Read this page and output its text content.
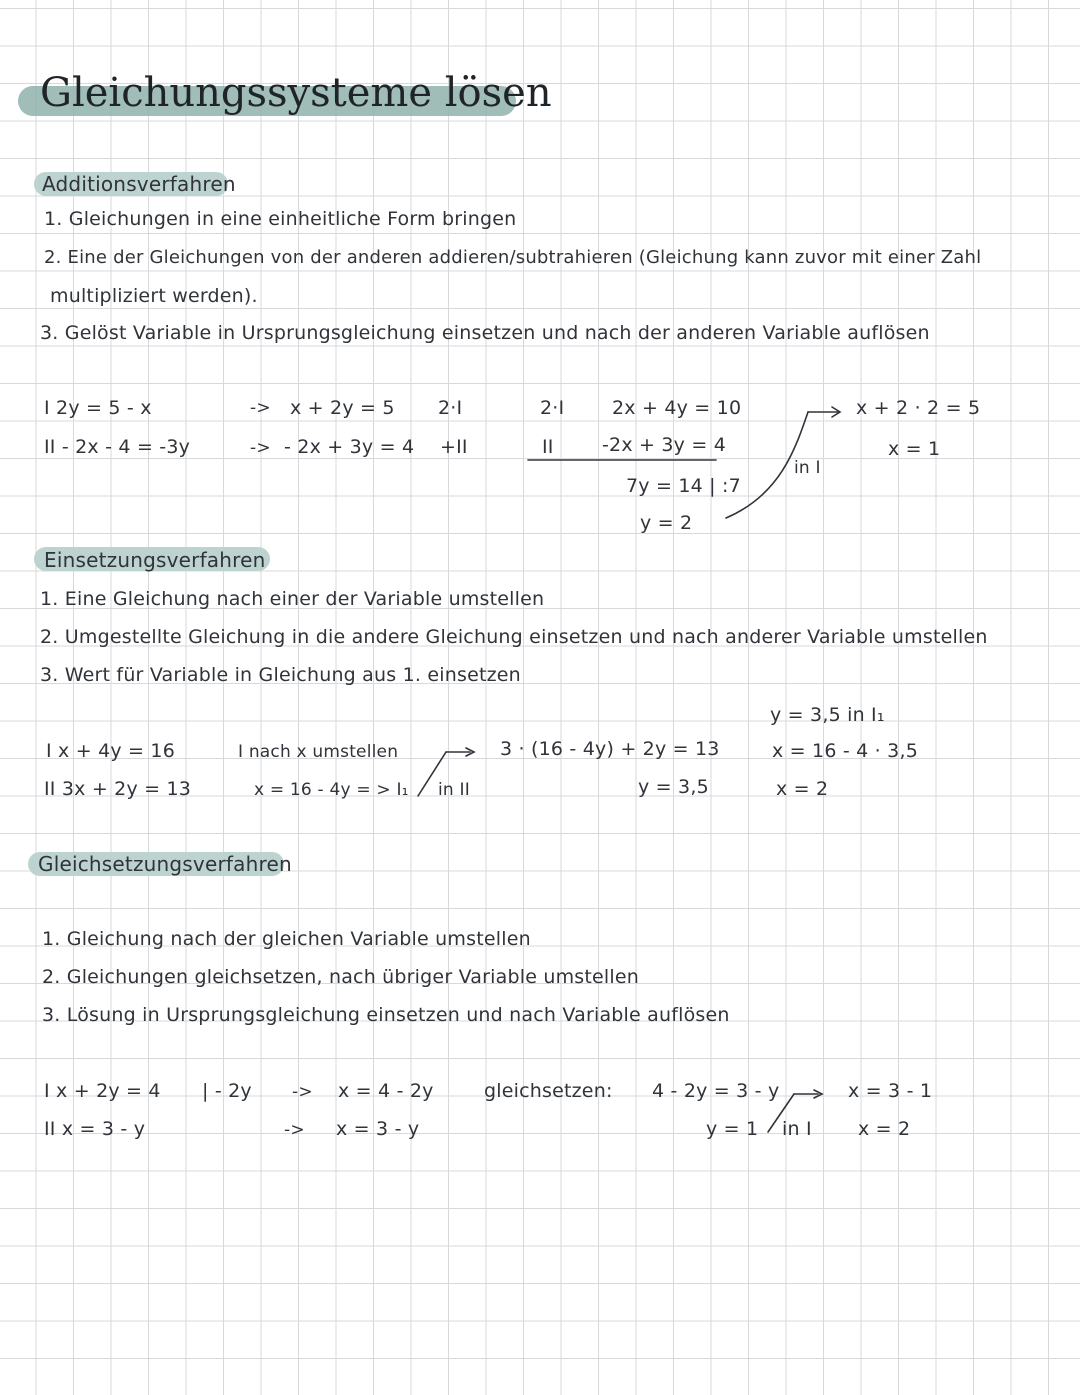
Gleichungssysteme lösen
Additionsverfahren
1. Gleichungen in eine einheitliche Form bringen
2. Eine der Gleichungen von der anderen addieren/subtrahieren (Gleichung kann zuvor mit einer Zahl
multipliziert werden).
3. Gelöst Variable in Ursprungsgleichung einsetzen und nach der anderen Variable auflösen
I 2y = 5 - x
II - 2x - 4 = -3y
->
->
x + 2y = 5
- 2x + 3y = 4
2·I
+II
2·I
II
2x + 4y = 10
-2x + 3y = 4
7y = 14 | :7
y = 2
in I
x + 2 · 2 = 5
x = 1
Einsetzungsverfahren
1. Eine Gleichung nach einer der Variable umstellen
2. Umgestellte Gleichung in die andere Gleichung einsetzen und nach anderer Variable umstellen
3. Wert für Variable in Gleichung aus 1. einsetzen
y = 3,5 in I₁
I x + 4y = 16
II 3x + 2y = 13
I nach x umstellen
x = 16 - 4y = > I₁ in II
3 · (16 - 4y) + 2y = 13
y = 3,5
x = 16 - 4 · 3,5
x = 2
Gleichsetzungsverfahren
1. Gleichung nach der gleichen Variable umstellen
2. Gleichungen gleichsetzen, nach übriger Variable umstellen
3. Lösung in Ursprungsgleichung einsetzen und nach Variable auflösen
I x + 2y = 4
II x = 3 - y
| - 2y ->
->
x = 4 - 2y
x = 3 - y
gleichsetzen: 4 - 2y = 3 - y
y = 1 in I
x = 3 - 1
x = 2
